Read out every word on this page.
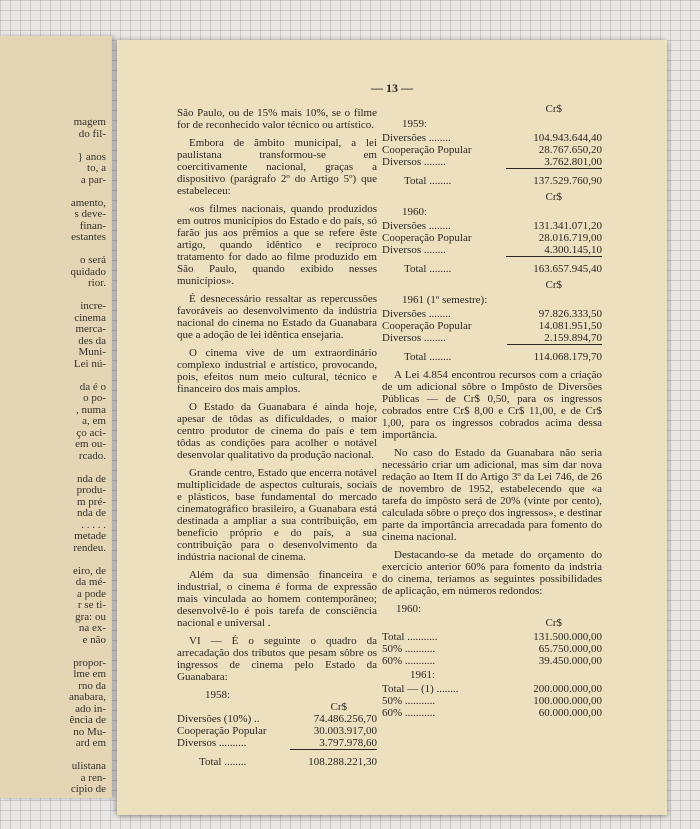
magem
do fil-
} anos
to, a
a par-
amento,
s deve-
finan-
estantes
o será
quidado
rior.
incre-
cinema
merca-
des da
Muni-
Lei nú-
da é o
o po-
, numa
a, em
ço aci-
em ou-
rcado.
nda de
produ-
m pré-
nda de
. . . . .
metade
rendeu.
eiro, de
da mé-
a pode
r se ti-
gra: ou
na ex-
e não
propor-
lme em
rno da
anabara,
ado in-
ência de
no Mu-
ard em
ulistana
a ren-
cípio de
— 13 —

São Paulo, ou de 15% mais 10%, se o filme for de reconhecido valor técnico ou artístico.

Embora de âmbito municipal, a lei paulistana transformou-se em coercitivamente nacional, graças a dispositivo (parágrafo 2º do Artigo 5º) que estabeleceu:

«os filmes nacionais, quando produzidos em outros municípios do Estado e do país, só farão jus aos prêmios a que se refere êste artigo, quando idêntico e recíproco tratamento for dado ao filme produzido em São Paulo, quando exibido nesses municípios».

É desnecessário ressaltar as repercussões favoráveis ao desenvolvimento da indústria nacional do cinema no Estado da Guanabara que a adoção de lei idêntica ensejaria.

O cinema vive de um extraordinário complexo industrial e artístico, provocando, pois, efeitos num meio cultural, técnico e financeiro dos mais amplos.

O Estado da Guanabara é ainda hoje, apesar de tôdas as dificuldades, o maior centro produtor de cinema do país e tem tôdas as condições para acolher o notável desenvolar qualitativo da produção nacional.

Grande centro, Estado que encerra notável multiplicidade de aspectos culturais, sociais e plásticos, base fundamental do mercado cinematográfico brasileiro, a Guanabara está destinada a ampliar a sua contribuição, em benefício próprio e do país, a sua contribuição para o desenvolvimento da indústria nacional de cinema.

Além da sua dimensão financeira e industrial, o cinema é forma de expressão mais vinculada ao homem contemporâneo; desenvolvê-lo é pois tarefa de consciência nacional e universal .

VI — É o seguinte o quadro da arrecadação dos tributos que pesam sôbre os ingressos de cinema pelo Estado da Guanabara:

1958:
Cr$
Diversões (10%) ..	74.486.256,70
Cooperação Popular	30.003.917,00
Diversos ..........	3.797.978,60
Total ........	108.288.221,30
Cr$
1959:
Diversões ........	104.943.644,40
Cooperação Popular	28.767.650,20
Diversos ........	3.762.801,00
Total ........	137.529.760,90
Cr$
1960:
Diversões ........	131.341.071,20
Cooperação Popular	28.016.719,00
Diversos ........	4.300.145,10
Total ........	163.657.945,40
Cr$
1961 (1º semestre):
Diversões ........	97.826.333,50
Cooperação Popular	14.081.951,50
Diversos ........	2.159.894,70
Total ........	114.068.179,70

A Lei 4.854 encontrou recursos com a criação de um adicional sôbre o Impôsto de Diversões Públicas — de Cr$ 0,50, para os ingressos cobrados entre Cr$ 8,00 e Cr$ 11,00, e de Cr$ 1,00, para os ingressos cobrados acima dessa importância.

No caso do Estado da Guanabara não seria necessário criar um adicional, mas sim dar nova redação ao Item II do Artigo 3º da Lei 746, de 26 de novembro de 1952, estabelecendo que «a tarefa do impôsto será de 20% (vinte por cento), calculada sôbre o preço dos ingressos», e destinar parte da importância arrecadada para fomento do cinema nacional.

Destacando-se da metade do orçamento do exercício anterior 60% para fomento da indstria do cinema, teríamos as seguintes possibilidades de aplicação, em números redondos:

1960:
Cr$
Total ...........	131.500.000,00
50% ...........	65.750.000,00
60% ...........	39.450.000,00
1961:
Total — (1) ........	200.000.000,00
50% ...........	100.000.000,00
60% ...........	60.000.000,00
